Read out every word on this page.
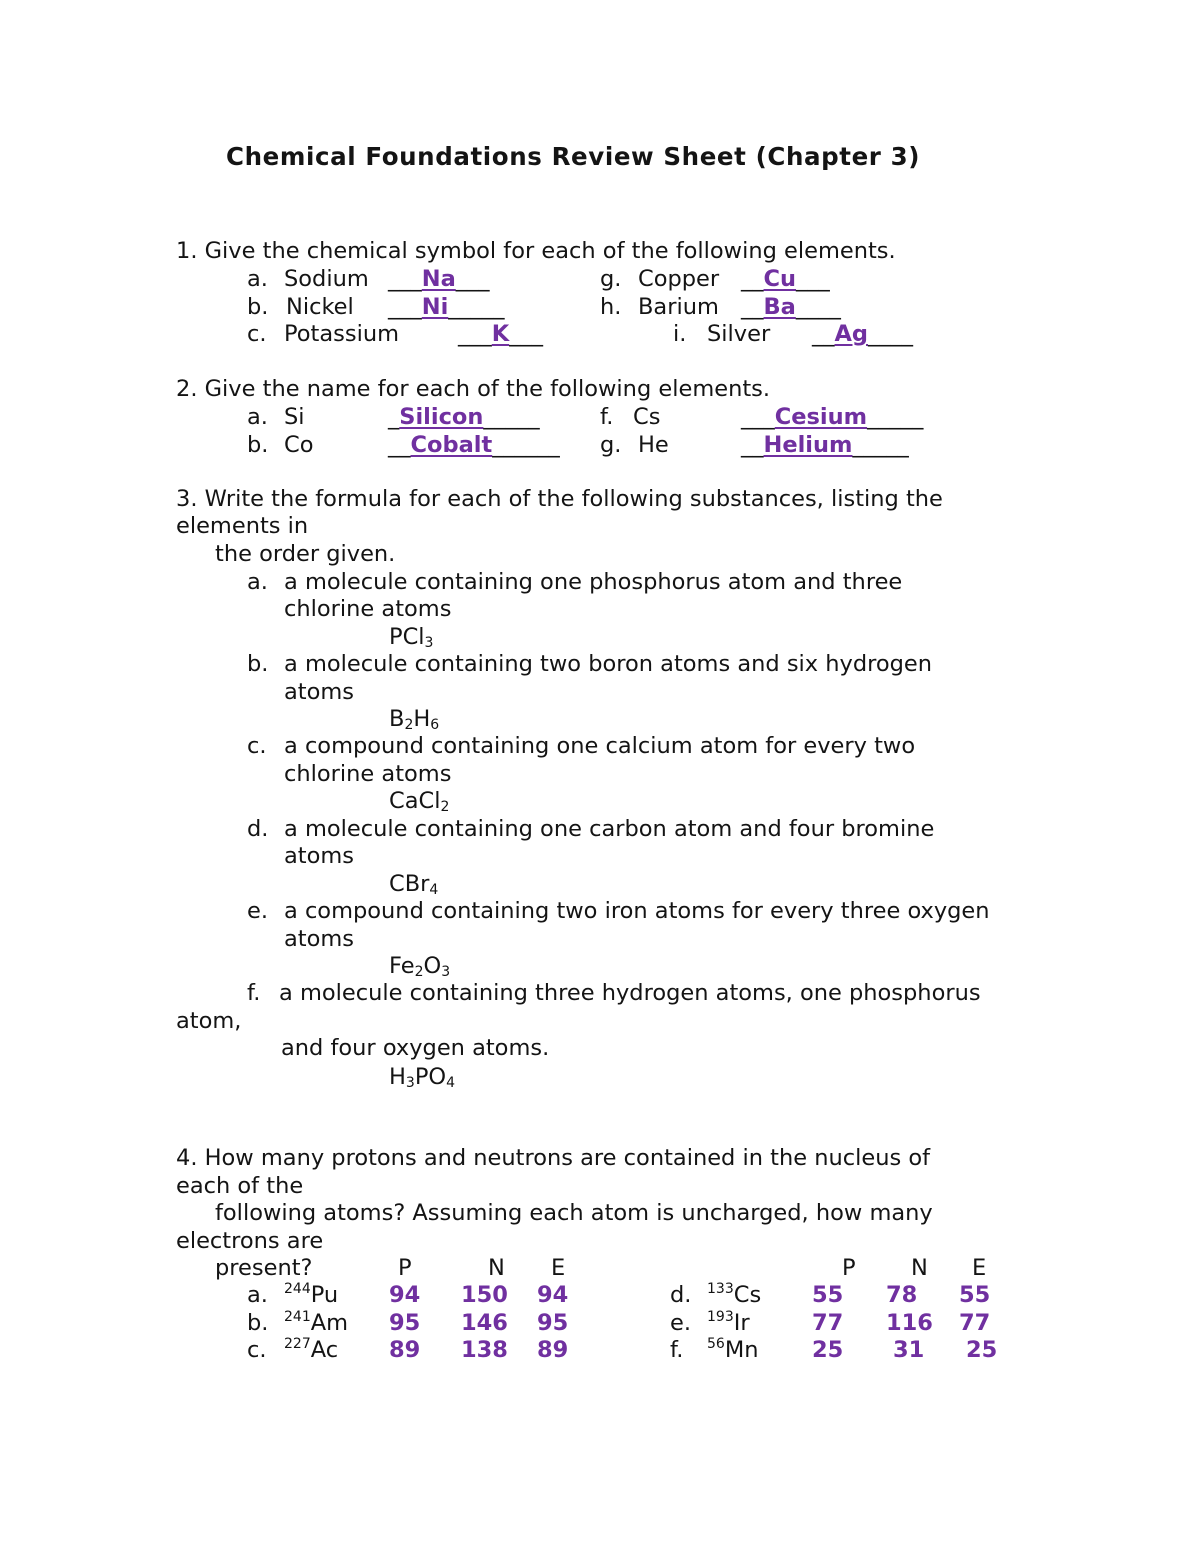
Chemical Foundations Review Sheet (Chapter 3)
1. Give the chemical symbol for each of the following elements.
a. Sodium ___Na___
b. Nickel ___Ni_____
c. Potassium	___K___
g. Copper __Cu___
h. Barium __Ba____
i. Silver __Ag____
2. Give the name for each of the following elements.
a. Si	_Silicon_____
b. Co	__Cobalt______
f. Cs	___Cesium_____
g. He	__Helium_____
3. Write the formula for each of the following substances, listing the
elements in
the order given.
a. a molecule containing one phosphorus atom and three
chlorine atoms
PCl$_3$
b. a molecule containing two boron atoms and six hydrogen
atoms
$B_2H_6$
c. a compound containing one calcium atom for every two
chlorine atoms
CaCl$_2$
d. a molecule containing one carbon atom and four bromine
atoms
CBr$_4$
e. a compound containing two iron atoms for every three oxygen
atoms
$Fe_2O_3$
f. a molecule containing three hydrogen atoms, one phosphorus
atom,
and four oxygen atoms.
$H_3PO_4$
4. How many protons and neutrons are contained in the nucleus of
each of the
following atoms? Assuming each atom is uncharged, how many
electrons are
present?	P	N E	P N E
a. $^{244}$Pu 94 150 94
b. $^{241}$Am 95 146 95
c. $^{227}$Ac 89 138 89
d. $^{133}$Cs 55 78 55
e. $^{193}$Ir	77 116 77
f. $^{56}$Mn 25 31 25
